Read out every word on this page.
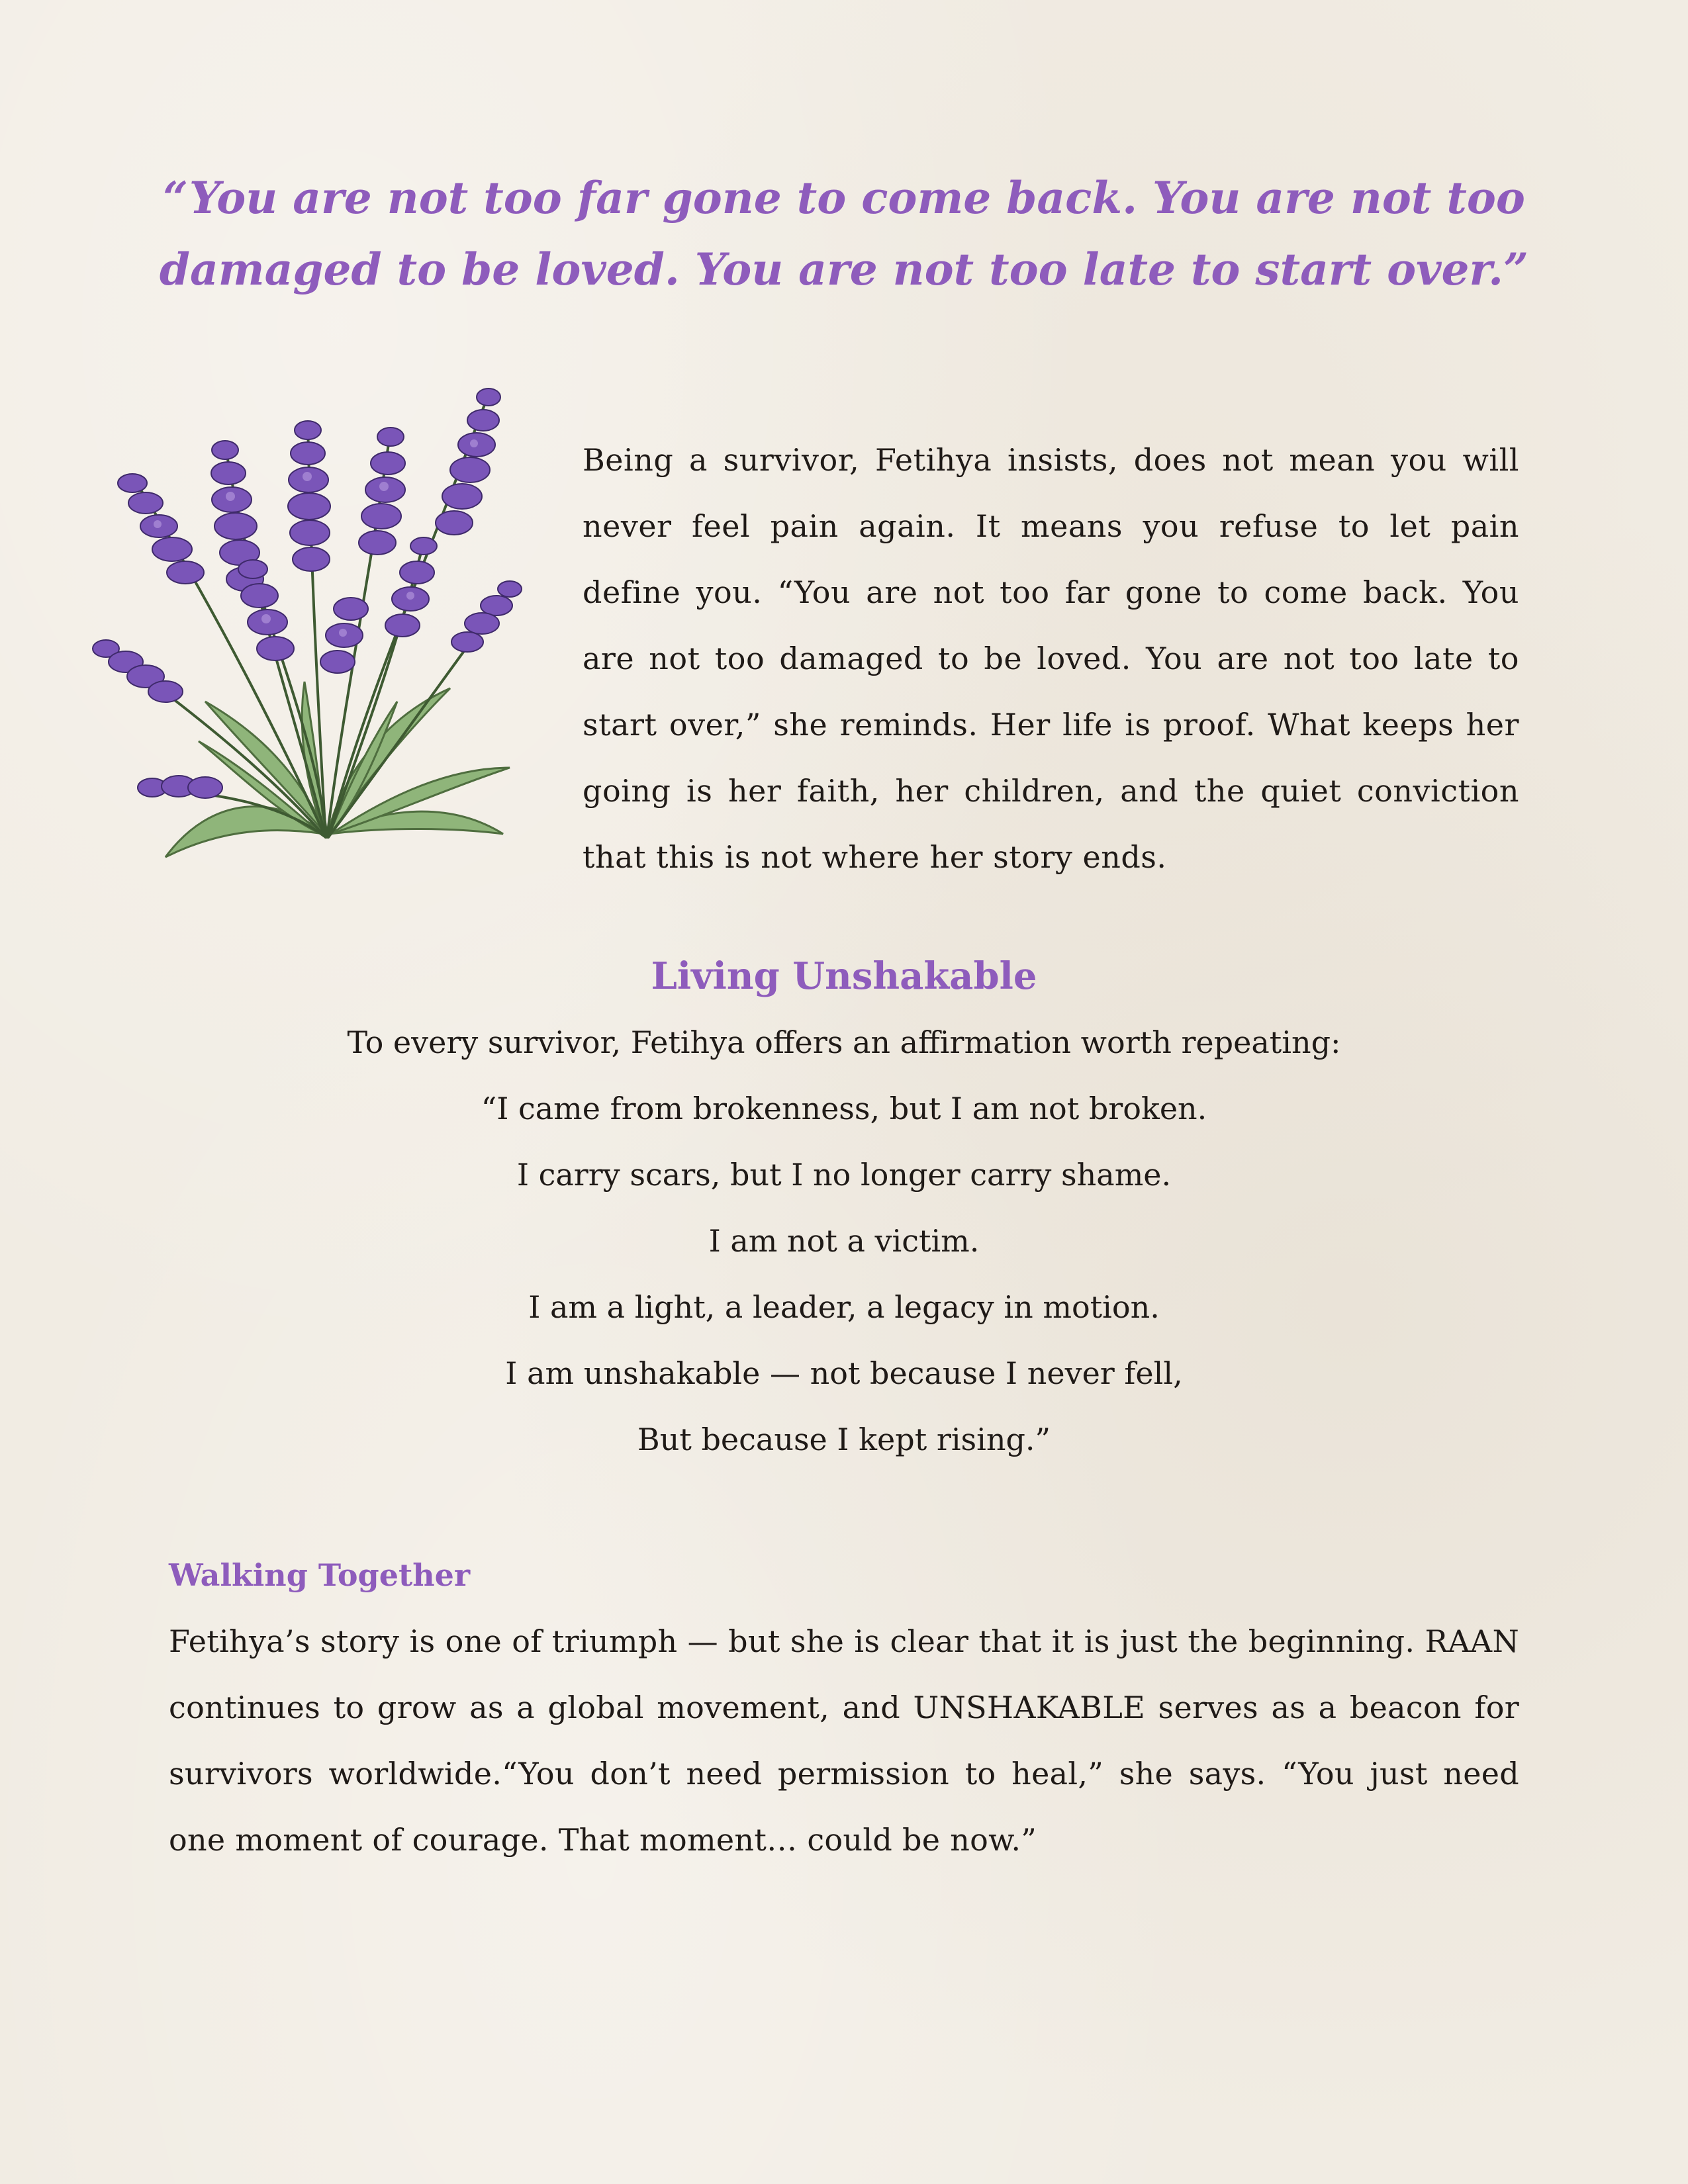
“You are not too far gone to come back. You are not too damaged to be loved. You are not too late to start over.”

Being a survivor, Fetihya insists, does not mean you will never feel pain again. It means you refuse to let pain define you. “You are not too far gone to come back. You are not too damaged to be loved. You are not too late to start over,” she reminds. Her life is proof. What keeps her going is her faith, her children, and the quiet conviction that this is not where her story ends.

Living Unshakable

To every survivor, Fetihya offers an affirmation worth repeating:

“I came from brokenness, but I am not broken.

I carry scars, but I no longer carry shame.

I am not a victim.

I am a light, a leader, a legacy in motion.

I am unshakable — not because I never fell,

But because I kept rising.”

Walking Together

Fetihya’s story is one of triumph — but she is clear that it is just the beginning. RAAN continues to grow as a global movement, and UNSHAKABLE serves as a beacon for survivors worldwide.“You don’t need permission to heal,” she says. “You just need one moment of courage. That moment… could be now.”
